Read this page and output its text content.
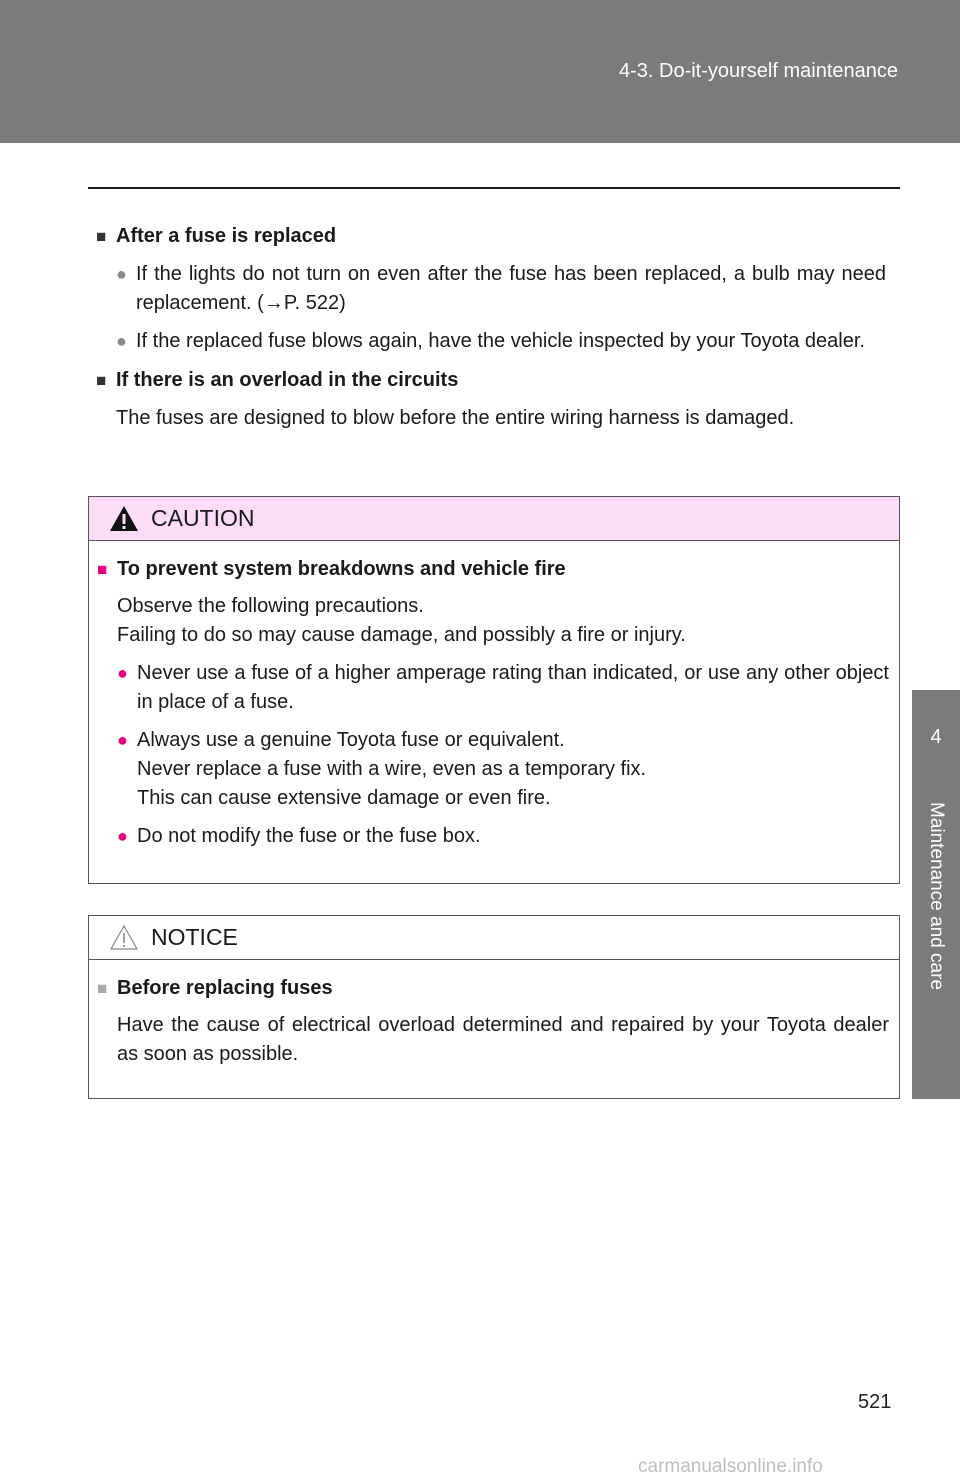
4-3. Do-it-yourself maintenance
4
Maintenance and care
■ After a fuse is replaced
● If the lights do not turn on even after the fuse has been replaced, a bulb may need replacement. (→P. 522)
● If the replaced fuse blows again, have the vehicle inspected by your Toyota dealer.
■ If there is an overload in the circuits
The fuses are designed to blow before the entire wiring harness is damaged.
CAUTION
■ To prevent system breakdowns and vehicle fire
Observe the following precautions.
Failing to do so may cause damage, and possibly a fire or injury.
● Never use a fuse of a higher amperage rating than indicated, or use any other object in place of a fuse.
● Always use a genuine Toyota fuse or equivalent.
Never replace a fuse with a wire, even as a temporary fix.
This can cause extensive damage or even fire.
● Do not modify the fuse or the fuse box.
NOTICE
■ Before replacing fuses
Have the cause of electrical overload determined and repaired by your Toyota dealer as soon as possible.
521
carmanualsonline.info
